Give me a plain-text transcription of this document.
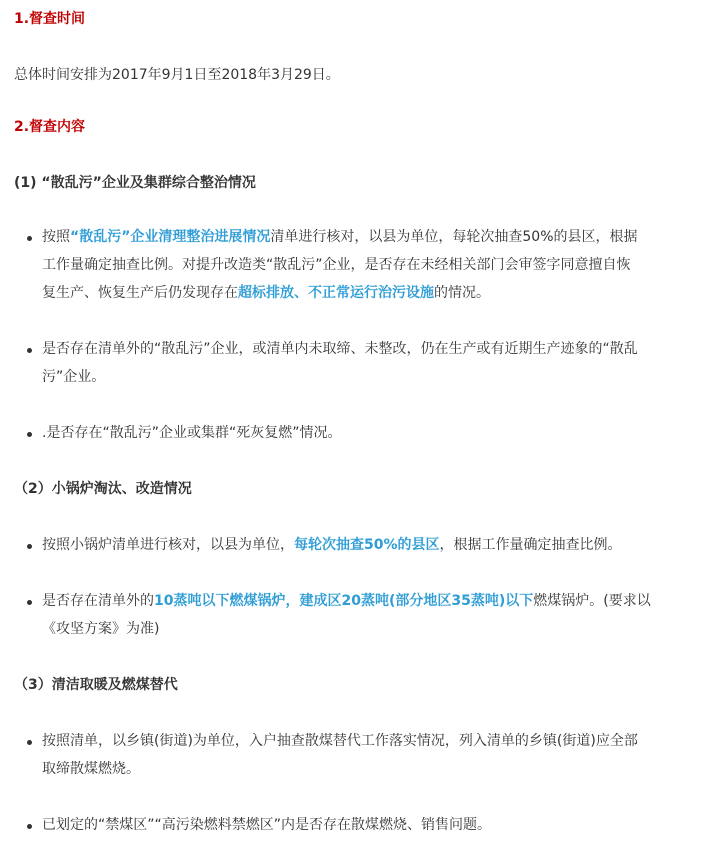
1.督查时间
总体时间安排为2017年9月1日至2018年3月29日。
2.督查内容
(1) “散乱污”企业及集群综合整治情况
按照“散乱污”企业清理整治进展情况清单进行核对，以县为单位，每轮次抽查50%的县区，根据
工作量确定抽查比例。对提升改造类“散乱污”企业，是否存在未经相关部门会审签字同意擅自恢
复生产、恢复生产后仍发现存在超标排放、不正常运行治污设施的情况。
是否存在清单外的“散乱污”企业，或清单内未取缔、未整改，仍在生产或有近期生产迹象的“散乱
污”企业。
.是否存在“散乱污”企业或集群“死灰复燃”情况。
（2）小锅炉淘汰、改造情况
按照小锅炉清单进行核对，以县为单位，每轮次抽查50%的县区，根据工作量确定抽查比例。
是否存在清单外的10蒸吨以下燃煤锅炉，建成区20蒸吨(部分地区35蒸吨)以下燃煤锅炉。(要求以
《攻坚方案》为准)
（3）清洁取暖及燃煤替代
按照清单，以乡镇(街道)为单位，入户抽查散煤替代工作落实情况，列入清单的乡镇(街道)应全部
取缔散煤燃烧。
已划定的“禁煤区”“高污染燃料禁燃区”内是否存在散煤燃烧、销售问题。
